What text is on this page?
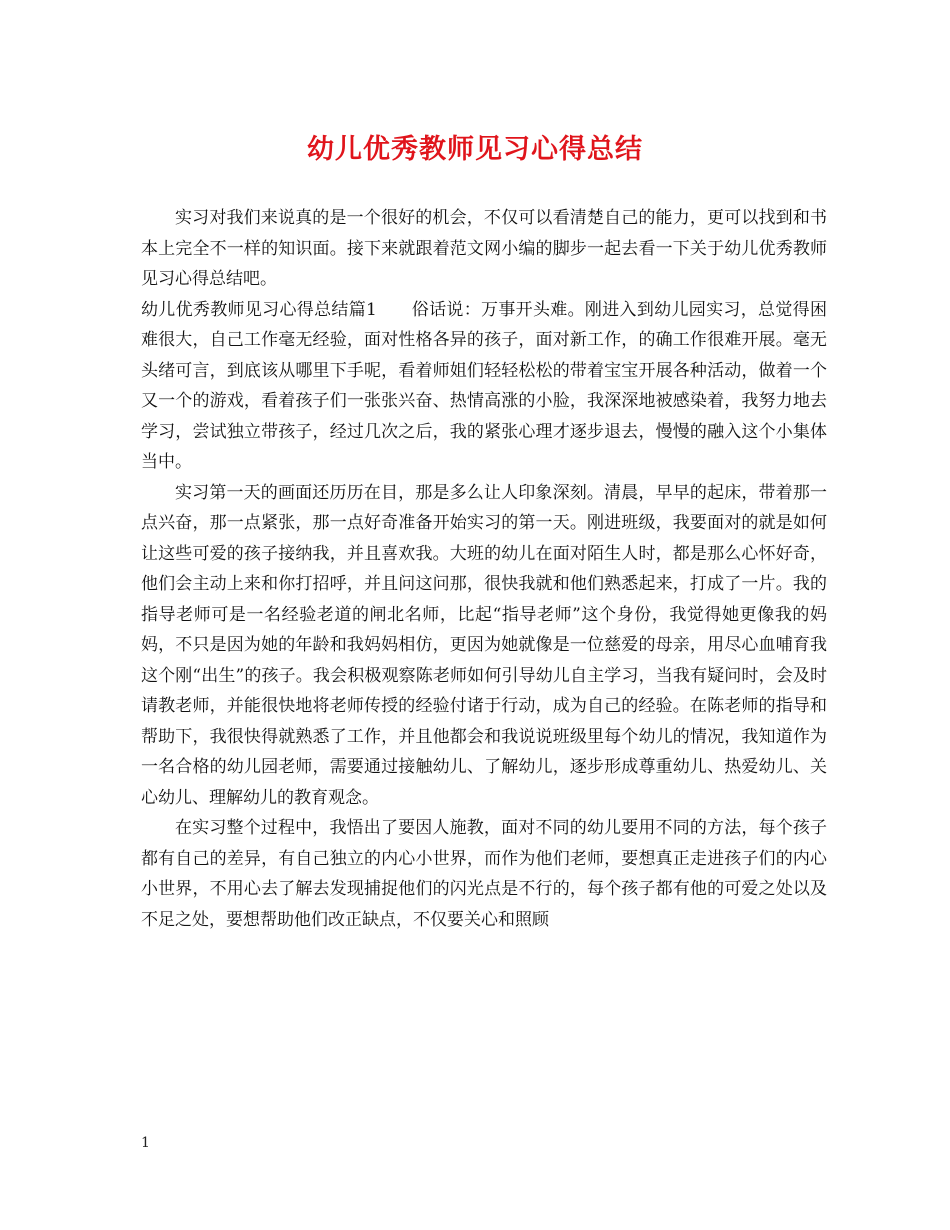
幼儿优秀教师见习心得总结

实习对我们来说真的是一个很好的机会，不仅可以看清楚自己的能力，更可以找到和书本上完全不一样的知识面。接下来就跟着范文网小编的脚步一起去看一下关于幼儿优秀教师见习心得总结吧。

幼儿优秀教师见习心得总结篇1　　俗话说：万事开头难。刚进入到幼儿园实习，总觉得困难很大，自己工作毫无经验，面对性格各异的孩子，面对新工作，的确工作很难开展。毫无头绪可言，到底该从哪里下手呢，看着师姐们轻轻松松的带着宝宝开展各种活动，做着一个又一个的游戏，看着孩子们一张张兴奋、热情高涨的小脸，我深深地被感染着，我努力地去学习，尝试独立带孩子，经过几次之后，我的紧张心理才逐步退去，慢慢的融入这个小集体当中。

实习第一天的画面还历历在目，那是多么让人印象深刻。清晨，早早的起床，带着那一点兴奋，那一点紧张，那一点好奇准备开始实习的第一天。刚进班级，我要面对的就是如何让这些可爱的孩子接纳我，并且喜欢我。大班的幼儿在面对陌生人时，都是那么心怀好奇，他们会主动上来和你打招呼，并且问这问那，很快我就和他们熟悉起来，打成了一片。我的指导老师可是一名经验老道的闸北名师，比起“指导老师”这个身份，我觉得她更像我的妈妈，不只是因为她的年龄和我妈妈相仿，更因为她就像是一位慈爱的母亲，用尽心血哺育我这个刚“出生”的孩子。我会积极观察陈老师如何引导幼儿自主学习，当我有疑问时，会及时请教老师，并能很快地将老师传授的经验付诸于行动，成为自己的经验。在陈老师的指导和帮助下，我很快得就熟悉了工作，并且他都会和我说说班级里每个幼儿的情况，我知道作为一名合格的幼儿园老师，需要通过接触幼儿、了解幼儿，逐步形成尊重幼儿、热爱幼儿、关心幼儿、理解幼儿的教育观念。

在实习整个过程中，我悟出了要因人施教，面对不同的幼儿要用不同的方法，每个孩子都有自己的差异，有自己独立的内心小世界，而作为他们老师，要想真正走进孩子们的内心小世界，不用心去了解去发现捕捉他们的闪光点是不行的，每个孩子都有他的可爱之处以及不足之处，要想帮助他们改正缺点，不仅要关心和照顾

1
